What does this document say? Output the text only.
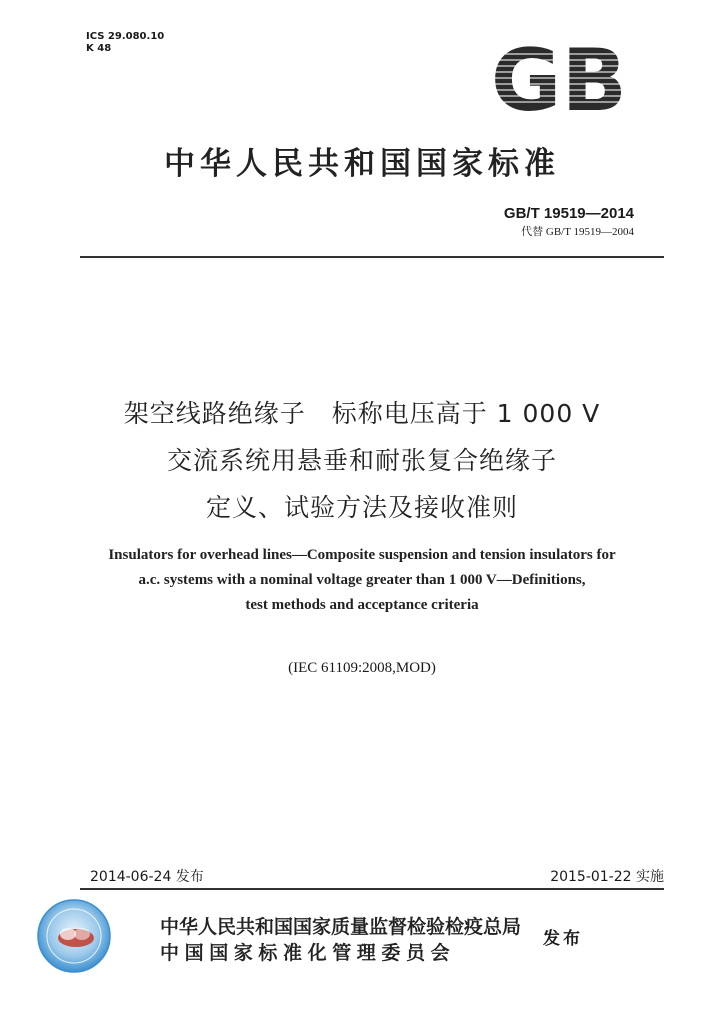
ICS 29.080.10
K 48	GB
中华人民共和国国家标准
GB/T 19519—2014
代替 GB/T 19519—2004
架空线路绝缘子　标称电压高于 1 000 V
交流系统用悬垂和耐张复合绝缘子
定义、试验方法及接收准则
Insulators for overhead lines—Composite suspension and tension insulators for
a.c. systems with a nominal voltage greater than 1 000 V—Definitions,
test methods and acceptance criteria
(IEC 61109:2008,MOD)
2014-06-24 发布	2015-01-22 实施
中华人民共和国国家质量监督检验检疫总局
中国国家标准化管理委员会
发布
